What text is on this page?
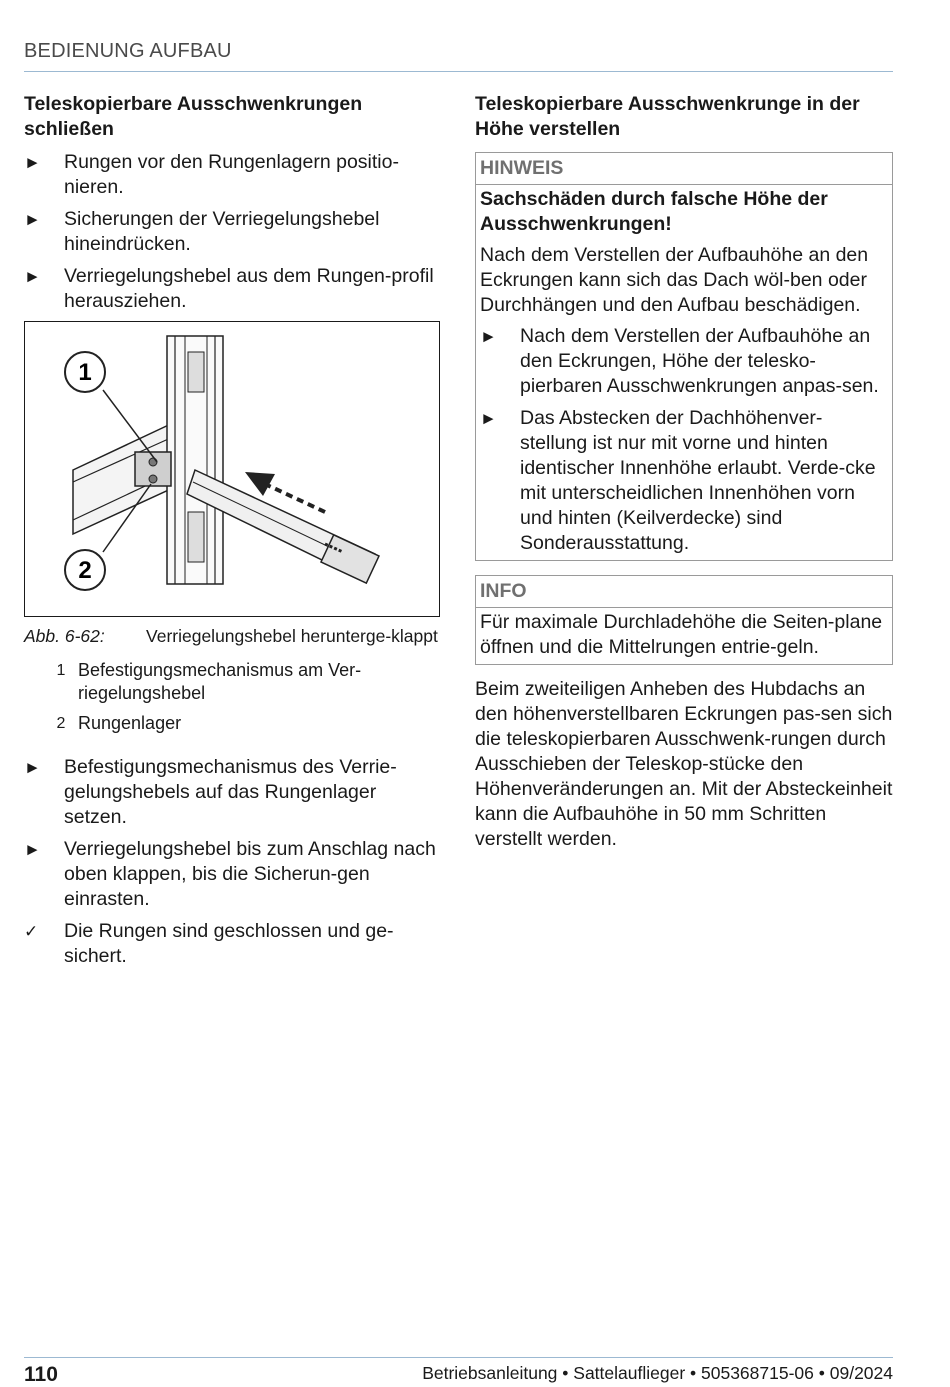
BEDIENUNG AUFBAU
Teleskopierbare Ausschwenkrungen schließen
►	Rungen vor den Rungenlagern positio-nieren.
►	Sicherungen der Verriegelungshebel hineindrücken.
►	Verriegelungshebel aus dem Rungen-profil herausziehen.
1
2
Abb. 6-62:	Verriegelungshebel herunterge-klappt
1 Befestigungsmechanismus am Ver-riegelungshebel
2 Rungenlager
►	Befestigungsmechanismus des Verrie-gelungshebels auf das Rungenlager setzen.
►	Verriegelungshebel bis zum Anschlag nach oben klappen, bis die Sicherun-gen einrasten.
✓	Die Rungen sind geschlossen und ge-sichert.
Teleskopierbare Ausschwenkrunge in der Höhe verstellen
HINWEIS
Sachschäden durch falsche Höhe der Ausschwenkrungen!

Nach dem Verstellen der Aufbauhöhe an den Eckrungen kann sich das Dach wöl-ben oder Durchhängen und den Aufbau beschädigen.

►	Nach dem Verstellen der Aufbauhöhe an den Eckrungen, Höhe der telesko-pierbaren Ausschwenkrungen anpas-sen.
►	Das Abstecken der Dachhöhenver-stellung ist nur mit vorne und hinten identischer Innenhöhe erlaubt. Verde-cke mit unterscheidlichen Innenhöhen vorn und hinten (Keilverdecke) sind Sonderausstattung.
INFO

Für maximale Durchladehöhe die Seiten-plane öffnen und die Mittelrungen entrie-geln.

Beim zweiteiligen Anheben des Hubdachs an den höhenverstellbaren Eckrungen pas-sen sich die teleskopierbaren Ausschwenk-rungen durch Ausschieben der Teleskop-stücke den Höhenveränderungen an. Mit der Absteckeinheit kann die Aufbauhöhe in 50 mm Schritten verstellt werden.

110	Betriebsanleitung • Sattelauflieger • 505368715-06 • 09/2024
